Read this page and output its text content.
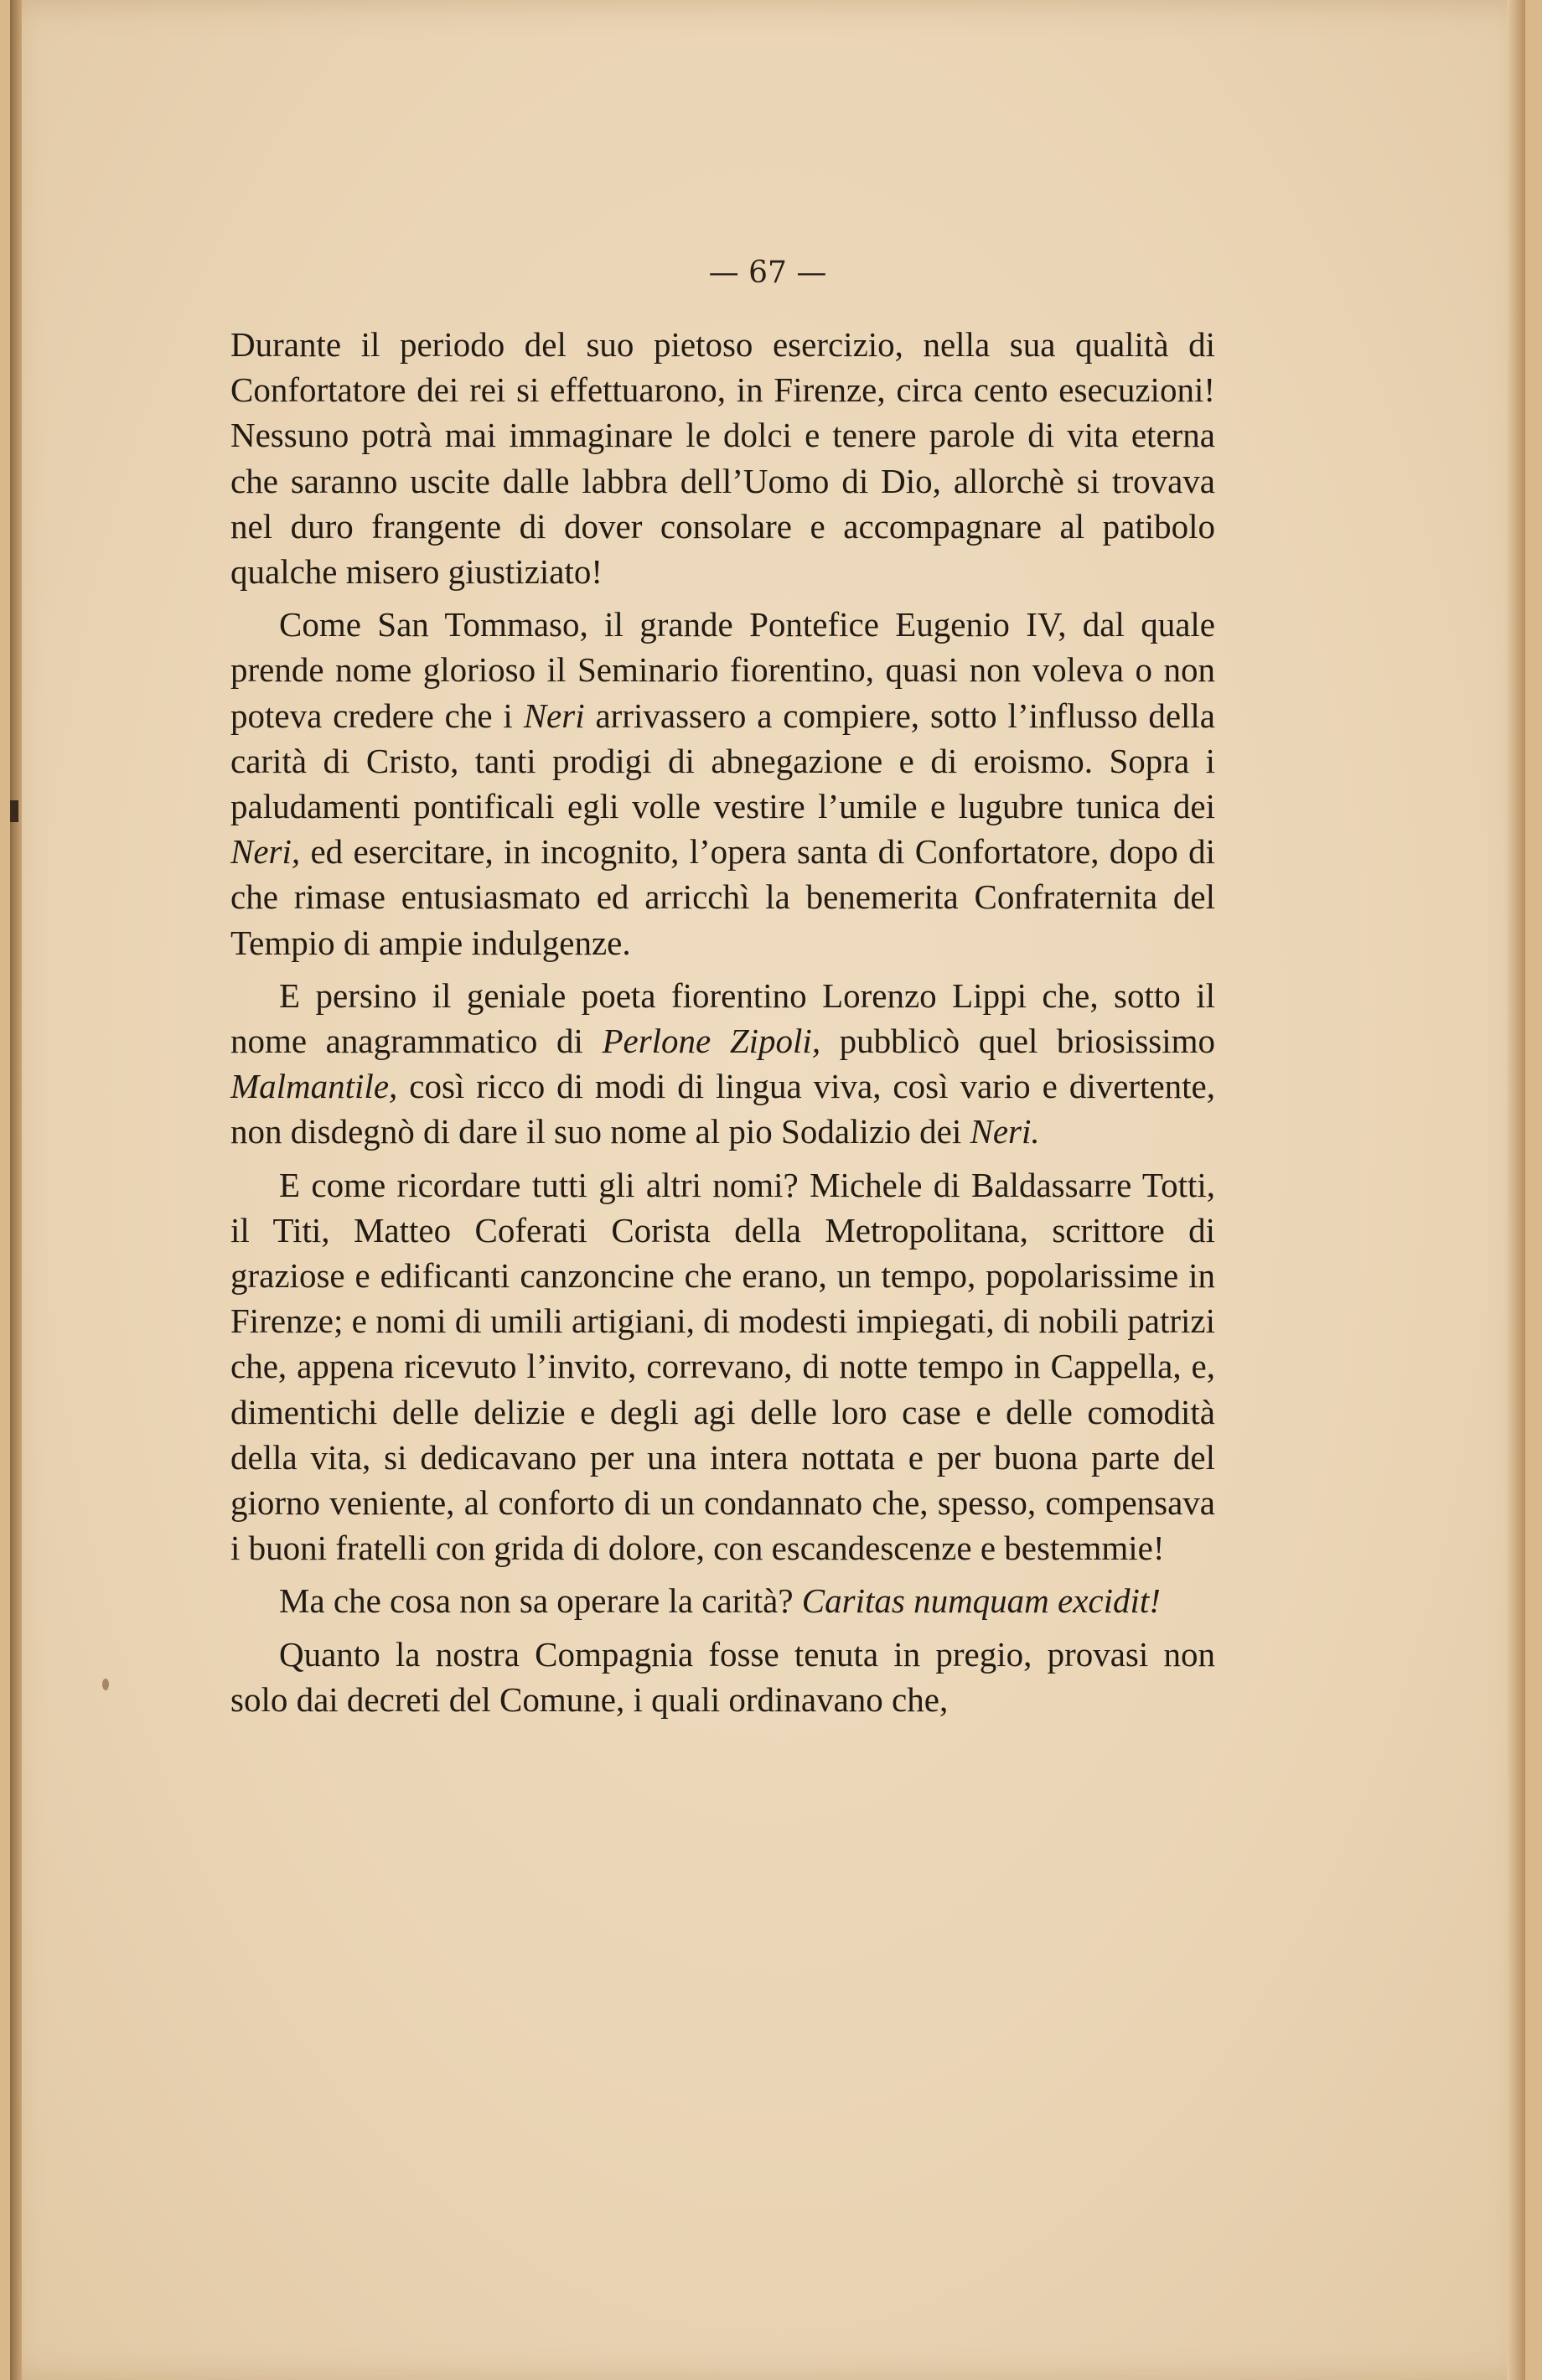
— 67 —

Durante il periodo del suo pietoso esercizio, nella sua qualità di Confortatore dei rei si effettuarono, in Firenze, circa cento esecuzioni! Nessuno potrà mai immaginare le dolci e tenere parole di vita eterna che saranno uscite dalle labbra dell’Uomo di Dio, allorchè si trovava nel duro frangente di dover consolare e accompagnare al patibolo qualche misero giustiziato!

Come San Tommaso, il grande Pontefice Eugenio IV, dal quale prende nome glorioso il Seminario fiorentino, quasi non voleva o non poteva credere che i Neri arrivassero a compiere, sotto l’influsso della carità di Cristo, tanti prodigi di abnegazione e di eroismo. Sopra i paludamenti pontificali egli volle vestire l’umile e lugubre tunica dei Neri, ed esercitare, in incognito, l’opera santa di Confortatore, dopo di che rimase entusiasmato ed arricchì la benemerita Confraternita del Tempio di ampie indulgenze.

E persino il geniale poeta fiorentino Lorenzo Lippi che, sotto il nome anagrammatico di Perlone Zipoli, pubblicò quel briosissimo Malmantile, così ricco di modi di lingua viva, così vario e divertente, non disdegnò di dare il suo nome al pio Sodalizio dei Neri.

E come ricordare tutti gli altri nomi? Michele di Baldassarre Totti, il Titi, Matteo Coferati Corista della Metropolitana, scrittore di graziose e edificanti canzoncine che erano, un tempo, popolarissime in Firenze; e nomi di umili artigiani, di modesti impiegati, di nobili patrizi che, appena ricevuto l’invito, correvano, di notte tempo in Cappella, e, dimentichi delle delizie e degli agi delle loro case e delle comodità della vita, si dedicavano per una intera nottata e per buona parte del giorno veniente, al conforto di un condannato che, spesso, compensava i buoni fratelli con grida di dolore, con escandescenze e bestemmie!

Ma che cosa non sa operare la carità? Caritas numquam excidit!

Quanto la nostra Compagnia fosse tenuta in pregio, provasi non solo dai decreti del Comune, i quali ordinavano che,
